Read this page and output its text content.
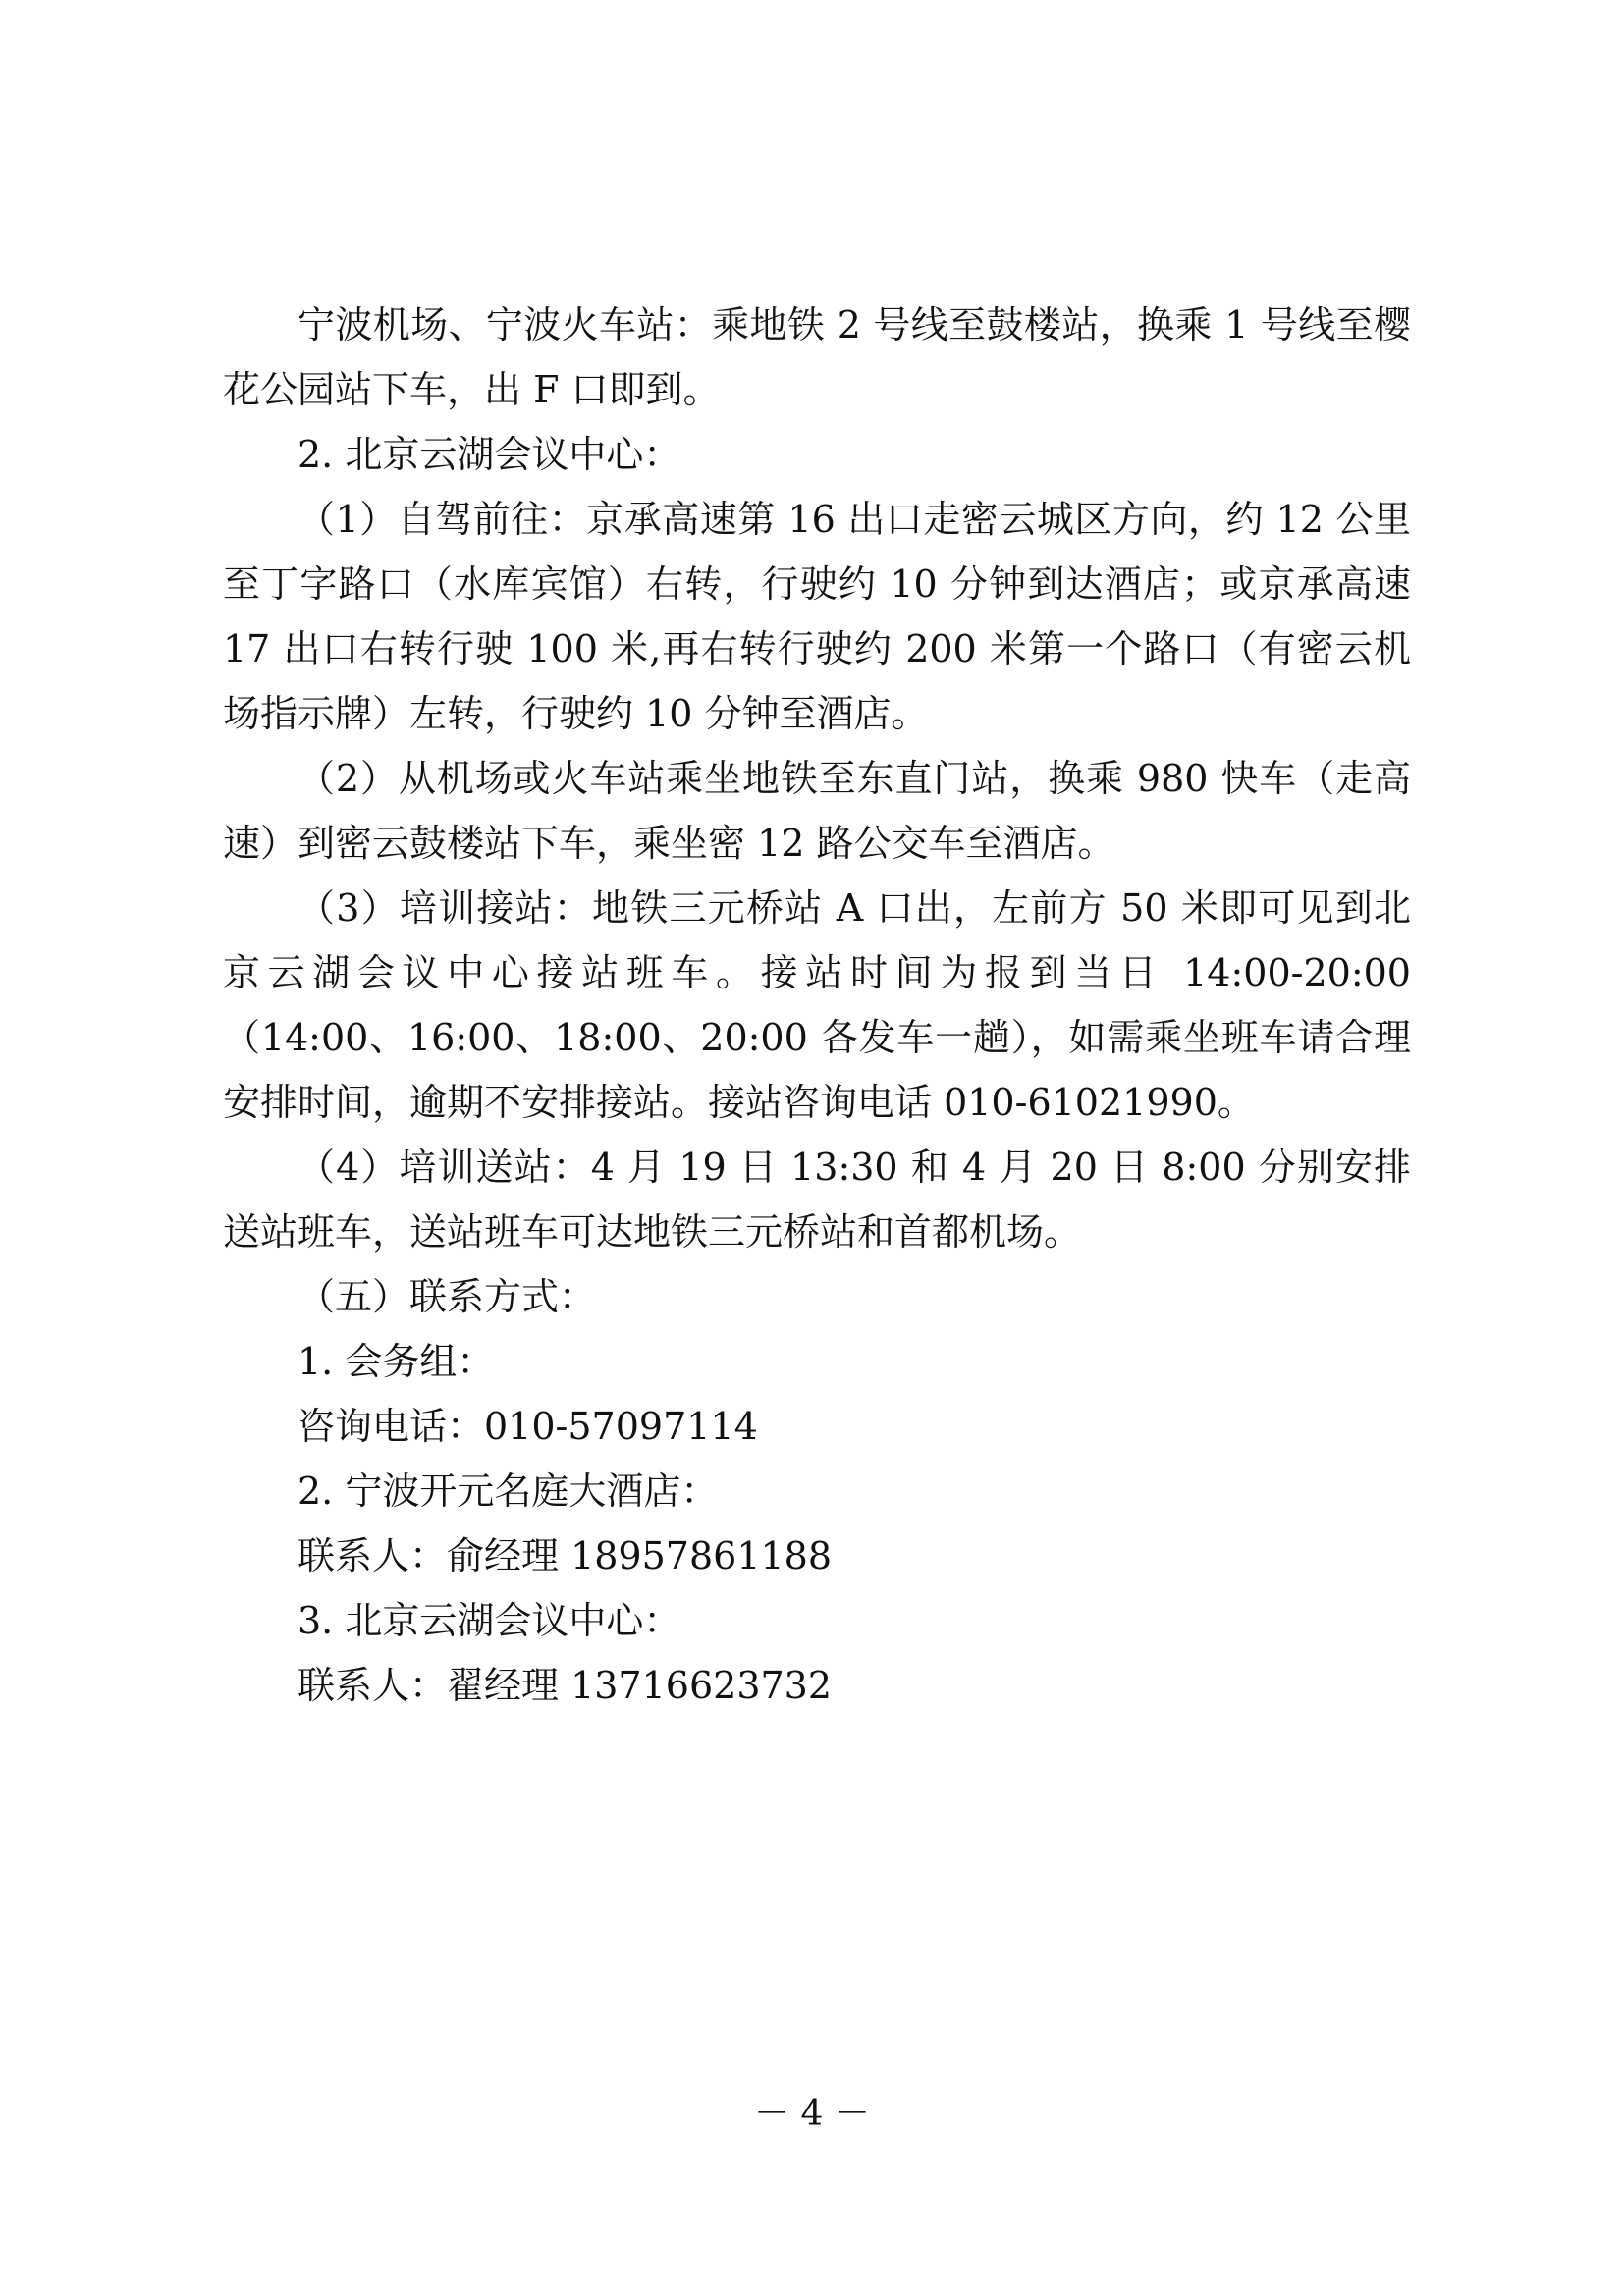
宁波机场、宁波火车站：乘地铁 2 号线至鼓楼站，换乘 1 号线至樱花公园站下车，出 F 口即到。

2. 北京云湖会议中心：

（1）自驾前往：京承高速第 16 出口走密云城区方向，约 12 公里至丁字路口（水库宾馆）右转，行驶约 10 分钟到达酒店；或京承高速 17 出口右转行驶 100 米,再右转行驶约 200 米第一个路口（有密云机场指示牌）左转，行驶约 10 分钟至酒店。

（2）从机场或火车站乘坐地铁至东直门站，换乘 980 快车（走高速）到密云鼓楼站下车，乘坐密 12 路公交车至酒店。

（3）培训接站：地铁三元桥站 A 口出，左前方 50 米即可见到北京云湖会议中心接站班车。接站时间为报到当日 14:00-20:00（14:00、16:00、18:00、20:00 各发车一趟），如需乘坐班车请合理安排时间，逾期不安排接站。接站咨询电话 010-61021990。

（4）培训送站：4 月 19 日 13:30 和 4 月 20 日 8:00 分别安排送站班车，送站班车可达地铁三元桥站和首都机场。

（五）联系方式：

1. 会务组：

咨询电话：010-57097114

2. 宁波开元名庭大酒店：

联系人：俞经理 18957861188

3. 北京云湖会议中心：

联系人：翟经理 13716623732

－ 4 －
